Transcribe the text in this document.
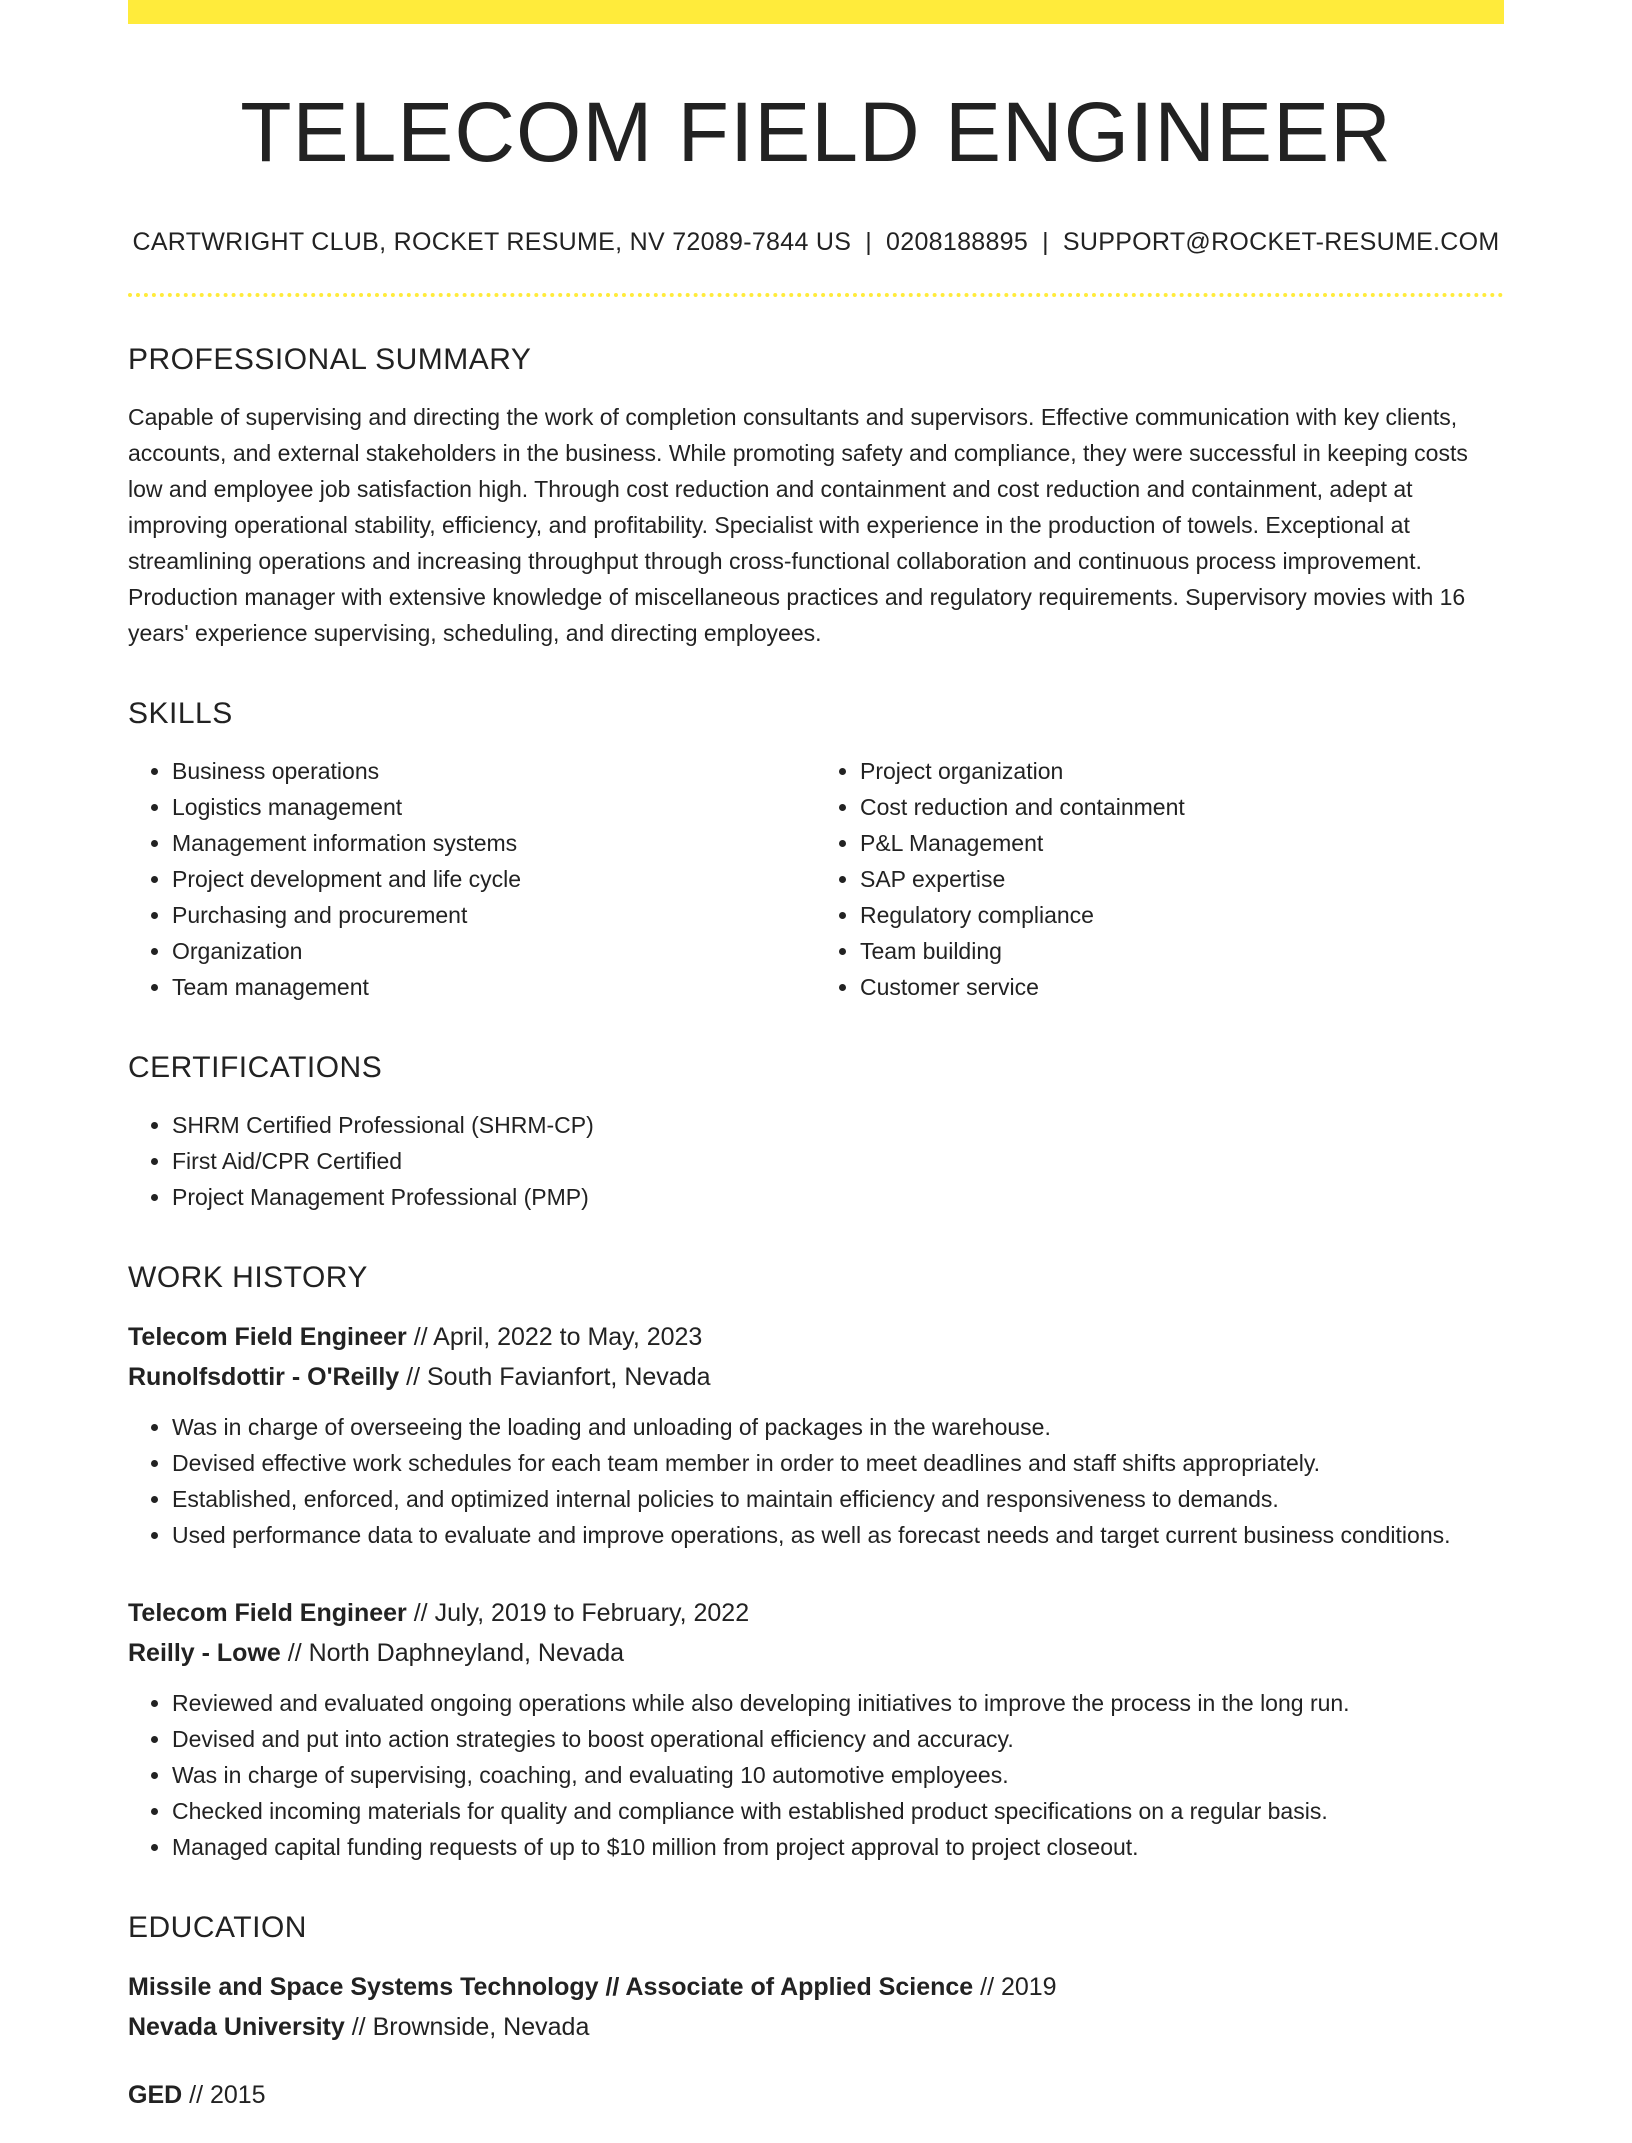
TELECOM FIELD ENGINEER
CARTWRIGHT CLUB, ROCKET RESUME, NV 72089-7844 US | 0208188895 | SUPPORT@ROCKET-RESUME.COM
PROFESSIONAL SUMMARY

Capable of supervising and directing the work of completion consultants and supervisors. Effective communication with key clients, accounts, and external stakeholders in the business. While promoting safety and compliance, they were successful in keeping costs low and employee job satisfaction high. Through cost reduction and containment and cost reduction and containment, adept at improving operational stability, efficiency, and profitability. Specialist with experience in the production of towels. Exceptional at streamlining operations and increasing throughput through cross-functional collaboration and continuous process improvement. Production manager with extensive knowledge of miscellaneous practices and regulatory requirements. Supervisory movies with 16 years' experience supervising, scheduling, and directing employees.

SKILLS
• Business operations
• Logistics management
• Management information systems
• Project development and life cycle
• Purchasing and procurement
• Organization
• Team management
• Project organization
• Cost reduction and containment
• P&L Management
• SAP expertise
• Regulatory compliance
• Team building
• Customer service
CERTIFICATIONS
• SHRM Certified Professional (SHRM-CP)
• First Aid/CPR Certified
• Project Management Professional (PMP)
WORK HISTORY
Telecom Field Engineer // April, 2022 to May, 2023
Runolfsdottir - O'Reilly // South Favianfort, Nevada
• Was in charge of overseeing the loading and unloading of packages in the warehouse.
• Devised effective work schedules for each team member in order to meet deadlines and staff shifts appropriately.
• Established, enforced, and optimized internal policies to maintain efficiency and responsiveness to demands.
• Used performance data to evaluate and improve operations, as well as forecast needs and target current business conditions.
Telecom Field Engineer // July, 2019 to February, 2022
Reilly - Lowe // North Daphneyland, Nevada
• Reviewed and evaluated ongoing operations while also developing initiatives to improve the process in the long run.
• Devised and put into action strategies to boost operational efficiency and accuracy.
• Was in charge of supervising, coaching, and evaluating 10 automotive employees.
• Checked incoming materials for quality and compliance with established product specifications on a regular basis.
• Managed capital funding requests of up to $10 million from project approval to project closeout.
EDUCATION
Missile and Space Systems Technology // Associate of Applied Science // 2019
Nevada University // Brownside, Nevada
GED // 2015
